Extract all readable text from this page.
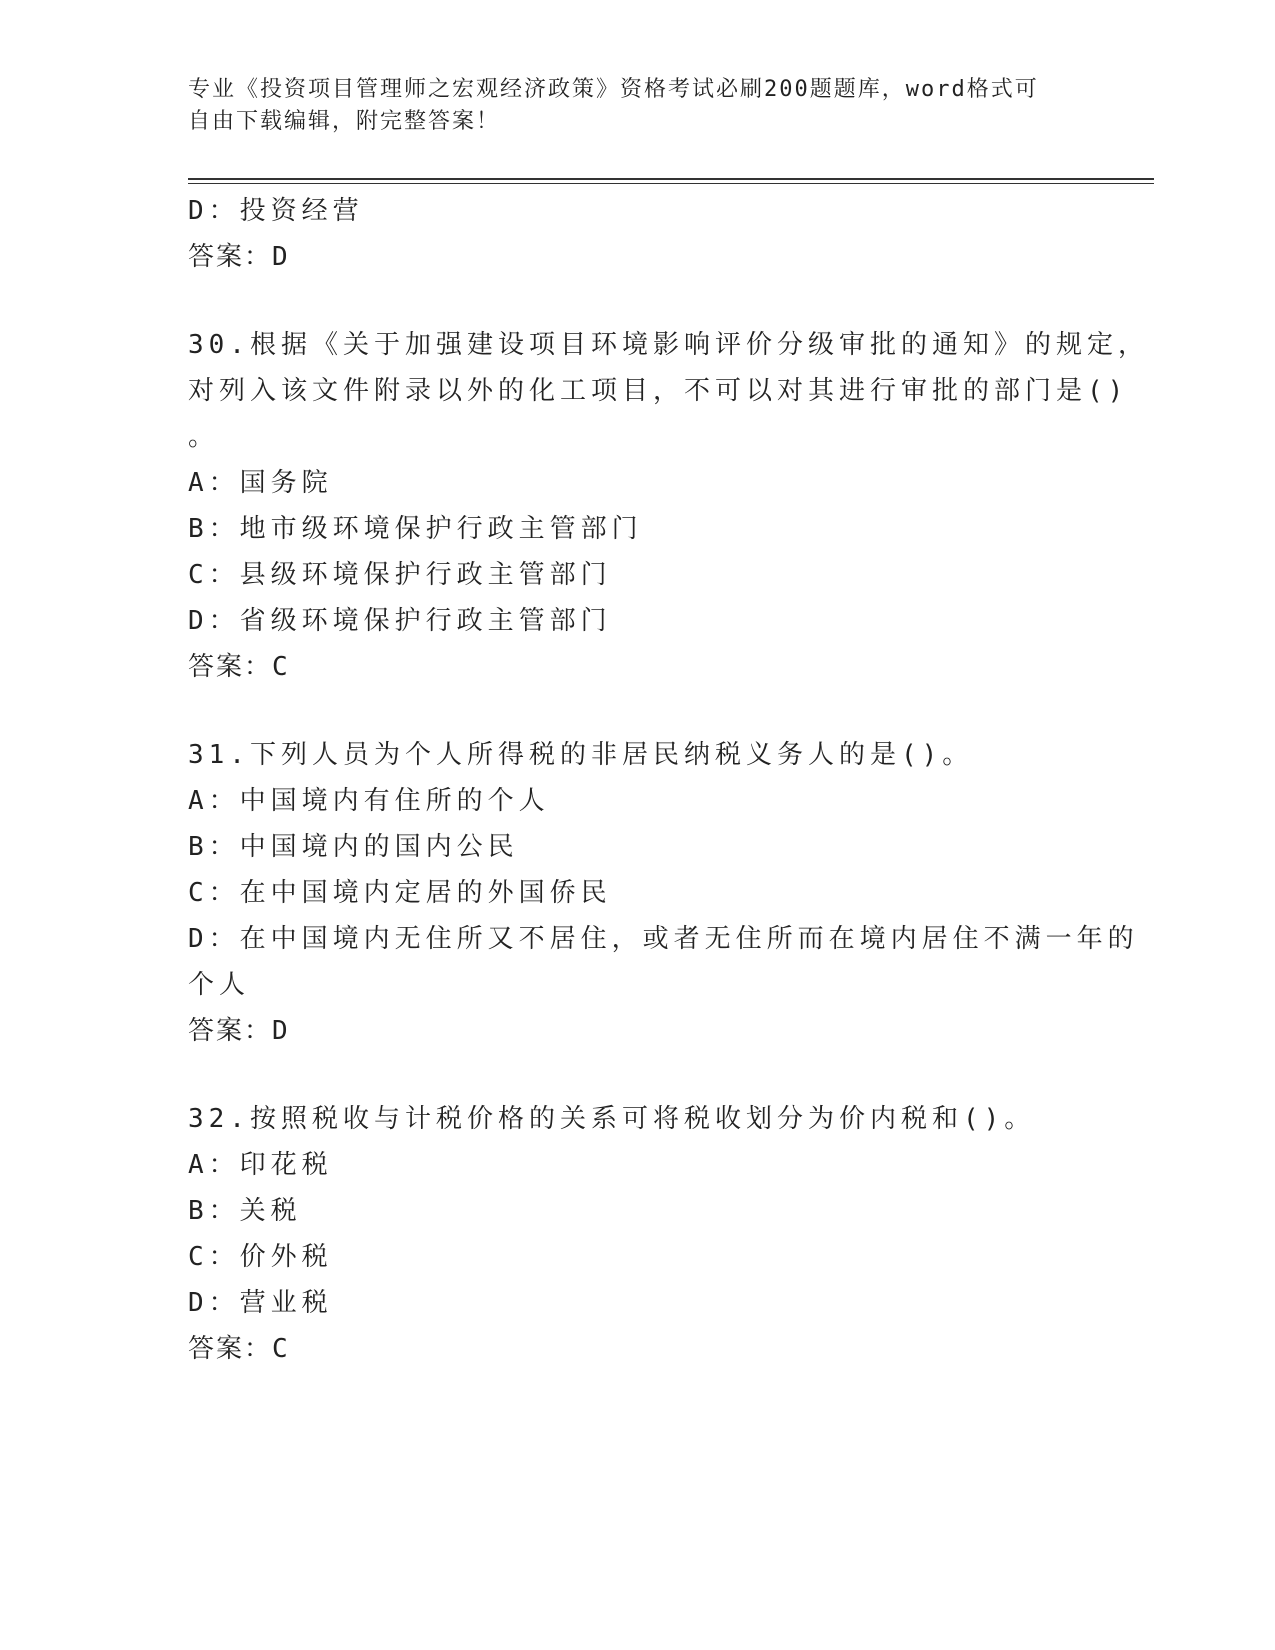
专业《投资项目管理师之宏观经济政策》资格考试必刷200题题库，word格式可
自由下载编辑，附完整答案！
D：投资经营
答案：D
30.根据《关于加强建设项目环境影响评价分级审批的通知》的规定，
对列入该文件附录以外的化工项目，不可以对其进行审批的部门是()
。
A：国务院
B：地市级环境保护行政主管部门
C：县级环境保护行政主管部门
D：省级环境保护行政主管部门
答案：C
31.下列人员为个人所得税的非居民纳税义务人的是()。
A：中国境内有住所的个人
B：中国境内的国内公民
C：在中国境内定居的外国侨民
D：在中国境内无住所又不居住，或者无住所而在境内居住不满一年的
个人
答案：D
32.按照税收与计税价格的关系可将税收划分为价内税和()。
A：印花税
B：关税
C：价外税
D：营业税
答案：C
